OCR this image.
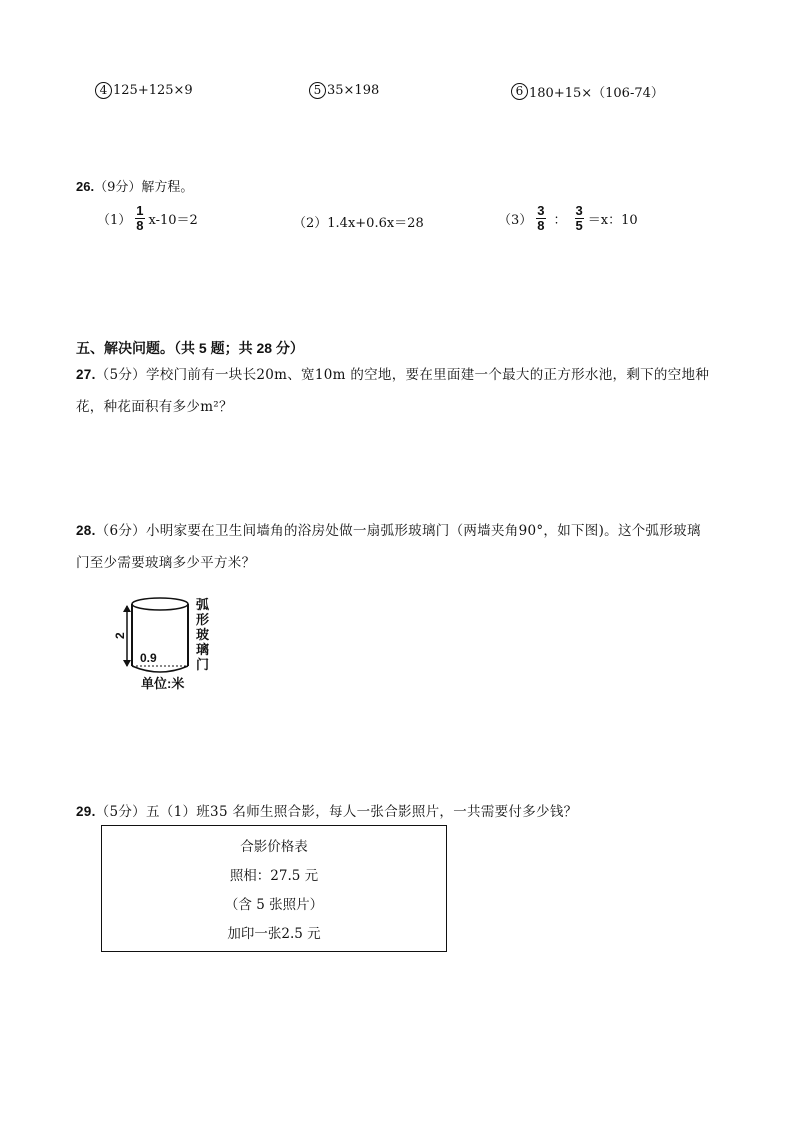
4 125+125×9	5 35×198	6 180+15×（106-74）
26.（9分）解方程。
$(1) \frac{1}{8} x-10=2$	（2） 1.4x+0.6x＝28	$(3) \frac{3}{8}$ ： $\frac{3}{5} =x$：10
五、解决问题。（共 5 题；共 28 分）
27.（5分）学校门前有一块长20m、宽10m 的空地，要在里面建一个最大的正方形水池，剩下的空地种
花，种花面积有多少m²？
28.（6分）小明家要在卫生间墙角的浴房处做一扇弧形玻璃门（两墙夹角90°，如下图)。这个弧形玻璃
门至少需要玻璃多少平方米？
2
0.9
弧
形
玻
璃
门
单位:米
29.（5分）五（1）班35 名师生照合影，每人一张合影照片，一共需要付多少钱？
合影价格表
照相：27.5 元
（含 5 张照片）
加印一张2.5 元
